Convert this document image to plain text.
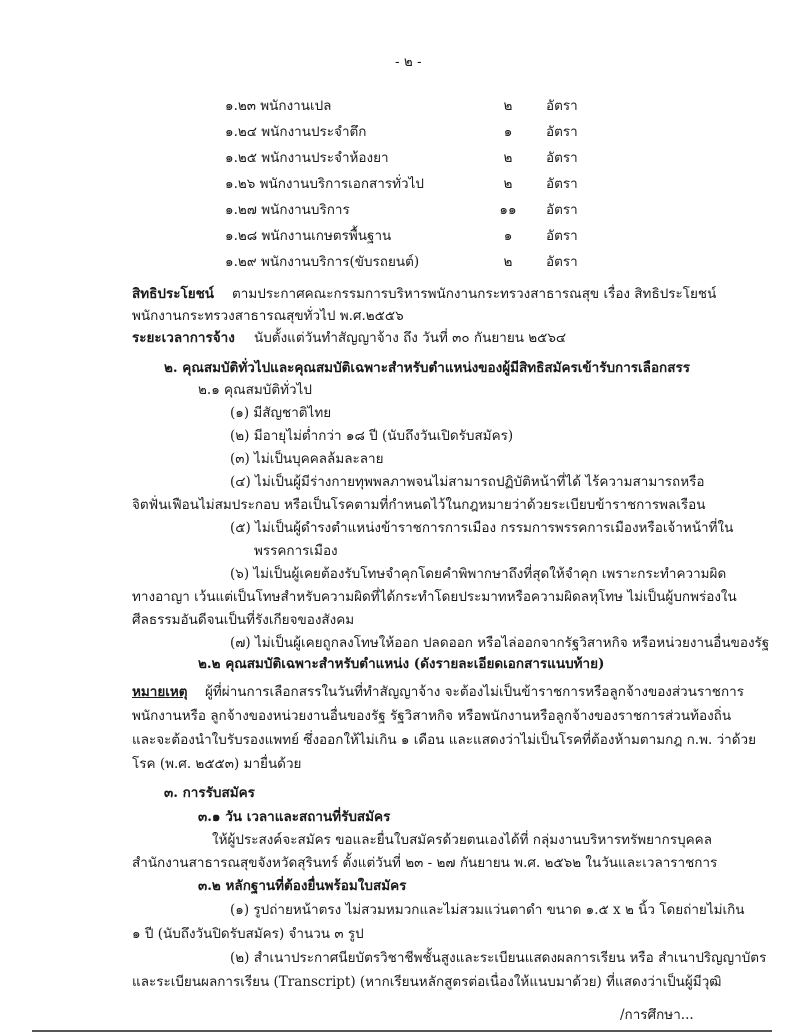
- ๒ -
๑.๒๓ พนักงานเปล	๒	อัตรา
๑.๒๔ พนักงานประจำตึก	๑	อัตรา
๑.๒๕ พนักงานประจำห้องยา	๒	อัตรา
๑.๒๖ พนักงานบริการเอกสารทั่วไป	๒	อัตรา
๑.๒๗ พนักงานบริการ	๑๑	อัตรา
๑.๒๘ พนักงานเกษตรพื้นฐาน	๑	อัตรา
๑.๒๙ พนักงานบริการ(ขับรถยนต์)	๒	อัตรา
สิทธิประโยชน์ ตามประกาศคณะกรรมการบริหารพนักงานกระทรวงสาธารณสุข เรื่อง สิทธิประโยชน์
พนักงานกระทรวงสาธารณสุขทั่วไป พ.ศ.๒๕๕๖
ระยะเวลาการจ้าง นับตั้งแต่วันทำสัญญาจ้าง ถึง วันที่ ๓๐ กันยายน ๒๕๖๔
๒. คุณสมบัติทั่วไปและคุณสมบัติเฉพาะสำหรับตำแหน่งของผู้มีสิทธิสมัครเข้ารับการเลือกสรร
๒.๑ คุณสมบัติทั่วไป
(๑) มีสัญชาติไทย
(๒) มีอายุไม่ต่ำกว่า ๑๘ ปี (นับถึงวันเปิดรับสมัคร)
(๓) ไม่เป็นบุคคลล้มละลาย
(๔) ไม่เป็นผู้มีร่างกายทุพพลภาพจนไม่สามารถปฏิบัติหน้าที่ได้ ไร้ความสามารถหรือ
จิตฟั่นเฟือนไม่สมประกอบ หรือเป็นโรคตามที่กำหนดไว้ในกฎหมายว่าด้วยระเบียบข้าราชการพลเรือน
(๕) ไม่เป็นผู้ดำรงตำแหน่งข้าราชการการเมือง กรรมการพรรคการเมืองหรือเจ้าหน้าที่ใน
พรรคการเมือง
(๖) ไม่เป็นผู้เคยต้องรับโทษจำคุกโดยคำพิพากษาถึงที่สุดให้จำคุก เพราะกระทำความผิด
ทางอาญา เว้นแต่เป็นโทษสำหรับความผิดที่ได้กระทำโดยประมาทหรือความผิดลหุโทษ ไม่เป็นผู้บกพร่องใน
ศีลธรรมอันดีจนเป็นที่รังเกียจของสังคม
(๗) ไม่เป็นผู้เคยถูกลงโทษให้ออก ปลดออก หรือไล่ออกจากรัฐวิสาหกิจ หรือหน่วยงานอื่นของรัฐ
๒.๒ คุณสมบัติเฉพาะสำหรับตำแหน่ง (ดังรายละเอียดเอกสารแนบท้าย)
หมายเหตุ ผู้ที่ผ่านการเลือกสรรในวันที่ทำสัญญาจ้าง จะต้องไม่เป็นข้าราชการหรือลูกจ้างของส่วนราชการ
พนักงานหรือ ลูกจ้างของหน่วยงานอื่นของรัฐ รัฐวิสาหกิจ หรือพนักงานหรือลูกจ้างของราชการส่วนท้องถิ่น
และจะต้องนำใบรับรองแพทย์ ซึ่งออกให้ไม่เกิน ๑ เดือน และแสดงว่าไม่เป็นโรคที่ต้องห้ามตามกฎ ก.พ. ว่าด้วย
โรค (พ.ศ. ๒๕๕๓) มายื่นด้วย
๓. การรับสมัคร
๓.๑ วัน เวลาและสถานที่รับสมัคร
ให้ผู้ประสงค์จะสมัคร ขอและยื่นใบสมัครด้วยตนเองได้ที่ กลุ่มงานบริหารทรัพยากรบุคคล
สำนักงานสาธารณสุขจังหวัดสุรินทร์ ตั้งแต่วันที่ ๒๓ - ๒๗ กันยายน พ.ศ. ๒๕๖๒ ในวันและเวลาราชการ
๓.๒ หลักฐานที่ต้องยื่นพร้อมใบสมัคร
(๑) รูปถ่ายหน้าตรง ไม่สวมหมวกและไม่สวมแว่นตาดำ ขนาด ๑.๕ x ๒ นิ้ว โดยถ่ายไม่เกิน
๑ ปี (นับถึงวันปิดรับสมัคร) จำนวน ๓ รูป
(๒) สำเนาประกาศนียบัตรวิชาชีพชั้นสูงและระเบียนแสดงผลการเรียน หรือ สำเนาปริญญาบัตร
และระเบียนผลการเรียน (Transcript) (หากเรียนหลักสูตรต่อเนื่องให้แนบมาด้วย) ที่แสดงว่าเป็นผู้มีวุฒิ
/การศึกษา...
